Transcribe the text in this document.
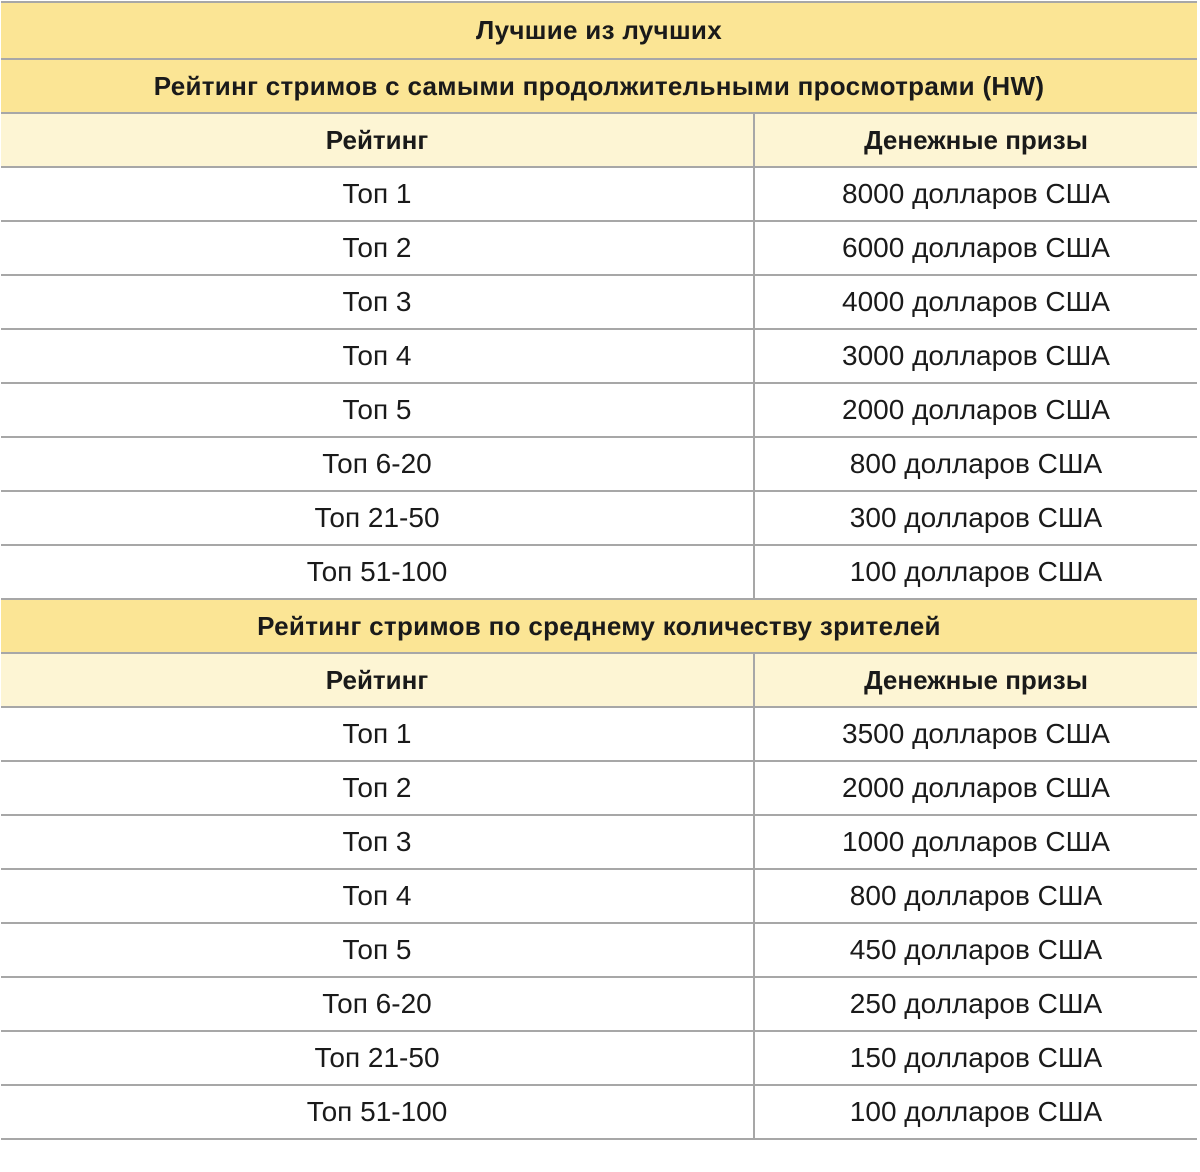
Лучшие из лучших	
Рейтинг стримов с самыми продолжительными просмотрами (HW)	
Рейтинг	Денежные призы
Топ 1	8000 долларов США
Топ 2	6000 долларов США
Топ 3	4000 долларов США
Топ 4	3000 долларов США
Топ 5	2000 долларов США
Топ 6-20	800 долларов США
Топ 21-50	300 долларов США
Топ 51-100	100 долларов США
Рейтинг стримов по среднему количеству зрителей	
Рейтинг	Денежные призы
Топ 1	3500 долларов США
Топ 2	2000 долларов США
Топ 3	1000 долларов США
Топ 4	800 долларов США
Топ 5	450 долларов США
Топ 6-20	250 долларов США
Топ 21-50	150 долларов США
Топ 51-100	100 долларов США
